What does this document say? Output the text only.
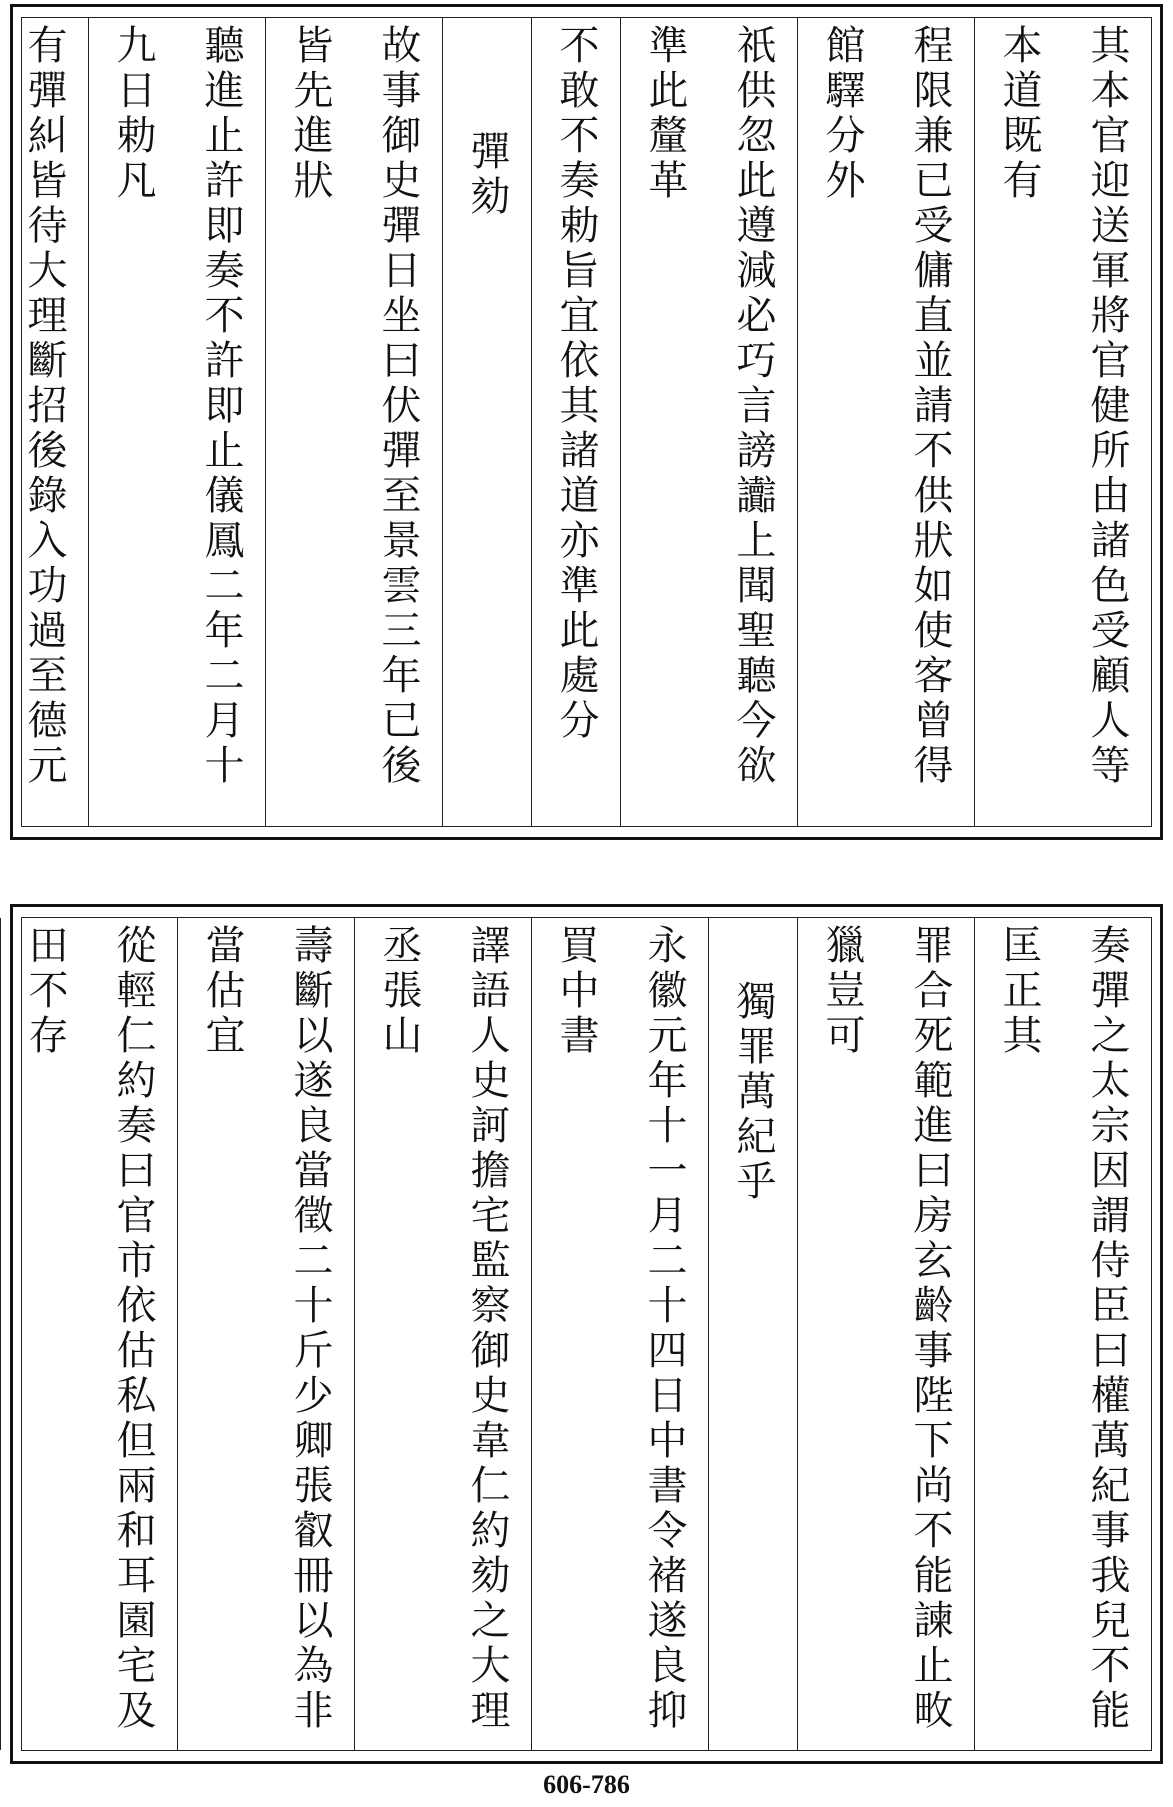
其本官迎送軍將官健所由諸色受顧人等本道既有
程限兼已受傭直並請不供狀如使客曾得館驛分外
祇供忽此遵減必巧言謗讟上聞聖聽今欲準此釐革
不敢不奏勅旨宜依其諸道亦準此處分
彈劾
故事御史彈日坐曰伏彈至景雲三年已後皆先進狀
聽進止許即奏不許即止儀鳳二年二月十九日勅凡
有彈糾皆待大理斷招後錄入功過至德元
奏彈之太宗因謂侍臣曰權萬紀事我兒不能匡正其
罪合死範進曰房玄齡事陛下尚不能諫止畋獵豈可
獨罪萬紀乎
永徽元年十一月二十四日中書令褚遂良抑買中書
譯語人史訶擔宅監察御史韋仁約劾之大理丞張山
壽斷以遂良當徵二十斤少卿張叡冊以為非當估宜
從輕仁約奏曰官市依估私但兩和耳園宅及田不存
606-786
